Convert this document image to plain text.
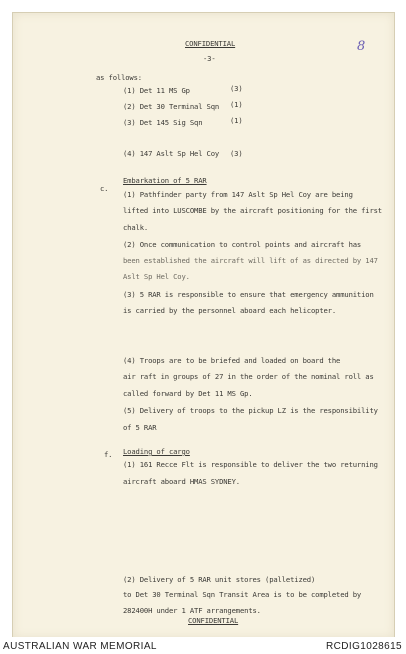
CONFIDENTIAL
-3-
8
as follows:
(1) Det 11 MS Gp	(3)
(2) Det 30 Terminal Sqn (1)
(3) Det 145 Sig Sqn	(1)
(4) 147 Aslt Sp Hel Coy (3)
c.
Embarkation of 5 RAR
(1) Pathfinder party from 147 Aslt Sp Hel Coy are being
lifted into LUSCOMBE by the aircraft positioning for the first
chalk.
(2) Once communication to control points and aircraft has
been established the aircraft will lift of as directed by 147
Aslt Sp Hel Coy.
(3) 5 RAR is responsible to ensure that emergency ammunition
is carried by the personnel aboard each helicopter.
(4) Troops are to be briefed and loaded on board the
air raft in groups of 27 in the order of the nominal roll as
called forward by Det 11 MS Gp.
(5) Delivery of troops to the pickup LZ is the responsibility
of 5 RAR
f. Loading of cargo
(1) 161 Recce Flt is responsible to deliver the two returning
aircraft aboard HMAS SYDNEY.
(2) Delivery of 5 RAR unit stores (palletized)
to Det 30 Terminal Sqn Transit Area is to be completed by
282400H under 1 ATF arrangements.
CONFIDENTIAL
AUSTRALIAN WAR MEMORIAL	RCDIG1028615
